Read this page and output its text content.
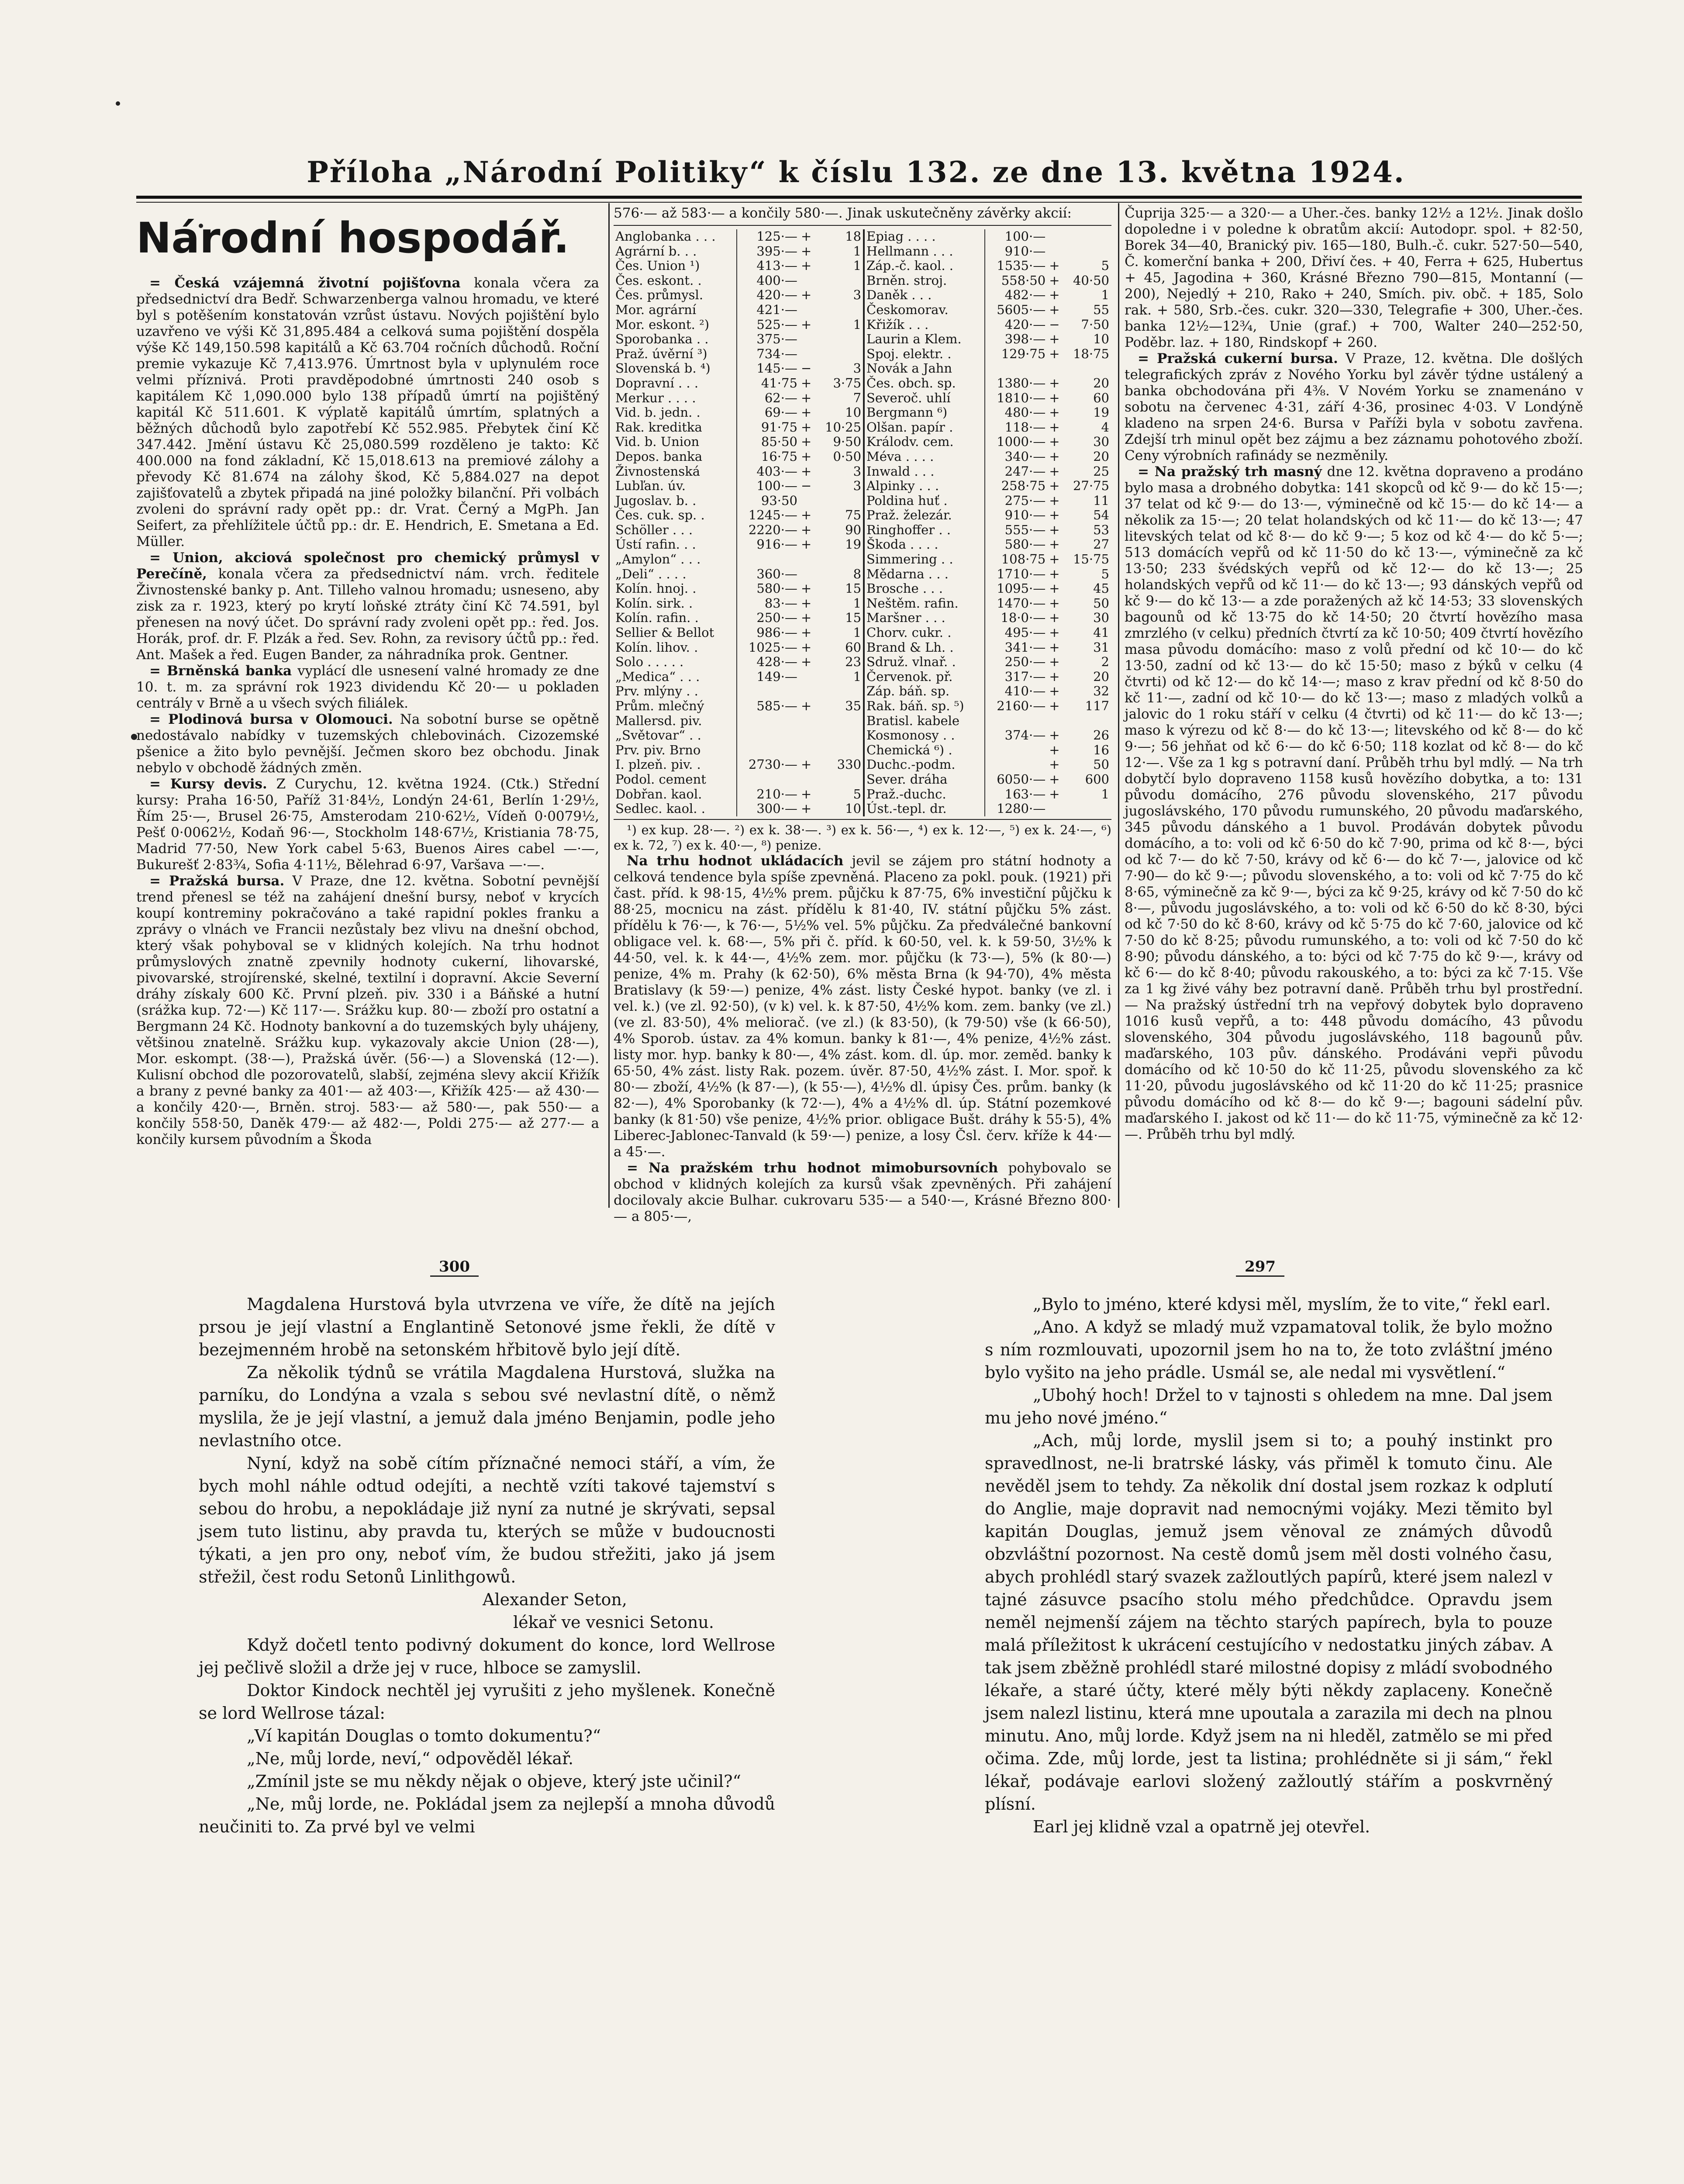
Příloha „Národní Politiky“ k číslu 132. ze dne 13. května 1924.
Národní hospodář.

= Česká vzájemná životní pojišťovna konala včera za předsednictví dra Bedř. Schwarzenberga valnou hromadu, ve které byl s potěšením konstatován vzrůst ústavu. Nových pojištění bylo uzavřeno ve výši Kč 31,895.484 a celková suma pojištění dospěla výše Kč 149,150.598 kapitálů a Kč 63.704 ročních důchodů. Roční premie vykazuje Kč 7,413.976. Úmrtnost byla v uplynulém roce velmi příznivá. Proti pravděpodobné úmrtnosti 240 osob s kapitálem Kč 1,090.000 bylo 138 případů úmrtí na pojištěný kapitál Kč 511.601. K výplatě kapitálů úmrtím, splatných a běžných důchodů bylo zapotřebí Kč 552.985. Přebytek činí Kč 347.442. Jmění ústavu Kč 25,080.599 rozděleno je takto: Kč 400.000 na fond základní, Kč 15,018.613 na premiové zálohy a převody Kč 81.674 na zálohy škod, Kč 5,884.027 na depot zajišťovatelů a zbytek připadá na jiné položky bilanční. Při volbách zvoleni do správní rady opět pp.: dr. Vrat. Černý a MgPh. Jan Seifert, za přehlížitele účtů pp.: dr. E. Hendrich, E. Smetana a Ed. Müller.

= Union, akciová společnost pro chemický průmysl v Perečíně, konala včera za předsednictví nám. vrch. ředitele Živnostenské banky p. Ant. Tilleho valnou hromadu; usneseno, aby zisk za r. 1923, který po krytí loňské ztráty činí Kč 74.591, byl přenesen na nový účet. Do správní rady zvoleni opět pp.: řed. Jos. Horák, prof. dr. F. Plzák a řed. Sev. Rohn, za revisory účtů pp.: řed. Ant. Mašek a řed. Eugen Bander, za náhradníka prok. Gentner.

= Brněnská banka vyplácí dle usnesení valné hromady ze dne 10. t. m. za správní rok 1923 dividendu Kč 20·— u pokladen centrály v Brně a u všech svých filiálek.

= Plodinová bursa v Olomouci. Na sobotní burse se opětně nedostávalo nabídky v tuzemských chlebovinách. Cizozemské pšenice a žito bylo pevnější. Ječmen skoro bez obchodu. Jinak nebylo v obchodě žádných změn.

= Kursy devis. Z Curychu, 12. května 1924. (Ctk.) Střední kursy: Praha 16·50, Paříž 31·84½, Londýn 24·61, Berlín 1·29½, Řím 25·—, Brusel 26·75, Amsterodam 210·62½, Vídeň 0·0079½, Pešť 0·0062½, Kodaň 96·—, Stockholm 148·67½, Kristiania 78·75, Madrid 77·50, New York cabel 5·63, Buenos Aires cabel —·—, Bukurešť 2·83¾, Sofia 4·11½, Bělehrad 6·97, Varšava —·—.

= Pražská bursa. V Praze, dne 12. května. Sobotní pevnější trend přenesl se též na zahájení dnešní bursy, neboť v krycích koupí kontreminy pokračováno a také rapidní pokles franku a zprávy o vlnách ve Francii nezůstaly bez vlivu na dnešní obchod, který však pohyboval se v klidných kolejích. Na trhu hodnot průmyslových znatně zpevnily hodnoty cukerní, lihovarské, pivovarské, strojírenské, skelné, textilní i dopravní. Akcie Severní dráhy získaly 600 Kč. První plzeň. piv. 330 i a Báňské a hutní (srážka kup. 72·—) Kč 117·—. Srážku kup. 80·— zboží pro ostatní a Bergmann 24 Kč. Hodnoty bankovní a do tuzemských byly uhájeny, většinou znatelně. Srážku kup. vykazovaly akcie Union (28·—), Mor. eskompt. (38·—), Pražská úvěr. (56·—) a Slovenská (12·—). Kulisní obchod dle pozorovatelů, slabší, zejména slevy akcií Křižík a brany z pevné banky za 401·— až 403·—, Křižík 425·— až 430·— a končily 420·—, Brněn. stroj. 583·— až 580·—, pak 550·— a končily 558·50, Daněk 479·— až 482·—, Poldi 275·— až 277·— a končily kursem původním a Škoda

576·— až 583·— a končily 580·—. Jinak uskutečněny závěrky akcií:

Anglobanka . . .	125·—	+	18	Epiag . . . .	100·—		
Agrární b. . .	395·—	+	1	Hellmann . . .	910·—		
Čes. Union ¹)	413·—	+	1	Záp.-č. kaol. .	1535·—	+	5
Čes. eskont. .	400·—			Brněn. stroj.	558·50	+	40·50
Čes. průmysl.	420·—	+	3	Daněk . . .	482·—	+	1
Mor. agrární	421·—			Českomorav.	5605·—	+	55
Mor. eskont. ²)	525·—	+	1	Křižík . . .	420·—	−	7·50
Sporobanka . .	375·—			Laurin a Klem.	398·—	+	10
Praž. úvěrní ³)	734·—			Spoj. elektr. .	129·75	+	18·75
Slovenská b. ⁴)	145·—	−	3	Novák a Jahn			
Dopravní . . .	41·75	+	3·75	Čes. obch. sp.	1380·—	+	20
Merkur . . . .	62·—	+	7	Severoč. uhlí	1810·—	+	60
Vid. b. jedn. .	69·—	+	10	Bergmann ⁶)	480·—	+	19
Rak. kreditka	91·75	+	10·25	Olšan. papír .	118·—	+	4
Vid. b. Union	85·50	+	9·50	Králodv. cem.	1000·—	+	30
Depos. banka	16·75	+	0·50	Méva . . . .	340·—	+	20
Živnostenská	403·—	+	3	Inwald . . .	247·—	+	25
Lubľan. úv.	100·—	−	3	Alpinky . . .	258·75	+	27·75
Jugoslav. b. .	93·50			Poldina huť .	275·—	+	11
Čes. cuk. sp. .	1245·—	+	75	Praž. železár.	910·—	+	54
Schöller . . .	2220·—	+	90	Ringhoffer . .	555·—	+	53
Ústí rafin. . .	916·—	+	19	Škoda . . . .	580·—	+	27
„Amylon“ . . .				Simmering . .	108·75	+	15·75
„Deli“ . . . .	360·—		8	Mědarna . . .	1710·—	+	5
Kolín. hnoj. .	580·—	+	15	Brosche . . .	1095·—	+	45
Kolín. sirk. .	83·—	+	1	Neštěm. rafin.	1470·—	+	50
Kolín. rafin. .	250·—	+	15	Maršner . . .	18·0·—	+	30
Sellier & Bellot	986·—	+	1	Chorv. cukr. .	495·—	+	41
Kolín. lihov. .	1025·—	+	60	Brand & Lh. .	341·—	+	31
Solo . . . . .	428·—	+	23	Sdruž. vlnař. .	250·—	+	2
„Medica“ . . .	149·—		1	Červenok. př.	317·—	+	20
Prv. mlýny . .				Záp. báň. sp.	410·—	+	32
Prům. mlečný	585·—	+	35	Rak. báň. sp. ⁵)	2160·—	+	117
Mallersd. piv.				Bratisl. kabele			
„Světovar“ . .				Kosmonosy . .	374·—	+	26
Prv. piv. Brno				Chemická ⁶) .		+	16
I. plzeň. piv. .	2730·—	+	330	Duchc.-podm.		+	50
Podol. cement				Sever. dráha	6050·—	+	600
Dobřan. kaol.	210·—	+	5	Praž.-duchc.	163·—	+	1
Sedlec. kaol. .	300·—	+	10	Úst.-tepl. dr.	1280·—		

¹) ex kup. 28·—. ²) ex k. 38·—. ³) ex k. 56·—, ⁴) ex k. 12·—, ⁵) ex k. 24·—, ⁶) ex k. 72, ⁷) ex k. 40·—, ⁸) penize.

Na trhu hodnot ukládacích jevil se zájem pro státní hodnoty a celková tendence byla spíše zpevněná. Placeno za pokl. pouk. (1921) při čast. příd. k 98·15, 4½% prem. půjčku k 87·75, 6% investiční půjčku k 88·25, mocnicu na zást. přídělu k 81·40, IV. státní půjčku 5% zást. přídělu k 76·—, k 76·—, 5½% vel. 5% půjčku. Za předválečné bankovní obligace vel. k. 68·—, 5% při č. příd. k 60·50, vel. k. k 59·50, 3½% k 44·50, vel. k. k 44·—, 4½% zem. mor. půjčku (k 73·—), 5% (k 80·—) penize, 4% m. Prahy (k 62·50), 6% města Brna (k 94·70), 4% města Bratislavy (k 59·—) penize, 4% zást. listy České hypot. banky (ve zl. i vel. k.) (ve zl. 92·50), (v k) vel. k. k 87·50, 4½% kom. zem. banky (ve zl.) (ve zl. 83·50), 4% meliorač. (ve zl.) (k 83·50), (k 79·50) vše (k 66·50), 4% Sporob. ústav. za 4% komun. banky k 81·—, 4% penize, 4½% zást. listy mor. hyp. banky k 80·—, 4% zást. kom. dl. úp. mor. zeměd. banky k 65·50, 4% zást. listy Rak. pozem. úvěr. 87·50, 4½% zást. I. Mor. spoř. k 80·— zboží, 4½% (k 87·—), (k 55·—), 4½% dl. úpisy Čes. prům. banky (k 82·—), 4% Sporobanky (k 72·—), 4% a 4½% dl. úp. Státní pozemkové banky (k 81·50) vše penize, 4½% prior. obligace Bušt. dráhy k 55·5), 4% Liberec-Jablonec-Tanvald (k 59·—) penize, a losy Čsl. červ. kříže k 44·— a 45·—.

= Na pražském trhu hodnot mimobursovních pohybovalo se obchod v klidných kolejích za kursů však zpevněných. Při zahájení docilovaly akcie Bulhar. cukrovaru 535·— a 540·—, Krásné Březno 800·— a 805·—,

Čuprija 325·— a 320·— a Uher.-čes. banky 12½ a 12½. Jinak došlo dopoledne i v poledne k obratům akcií: Autodopr. spol. + 82·50, Borek 34—40, Branický piv. 165—180, Bulh.-č. cukr. 527·50—540, Č. komerční banka + 200, Dřiví čes. + 40, Ferra + 625, Hubertus + 45, Jagodina + 360, Krásné Březno 790—815, Montanní (— 200), Nejedlý + 210, Rako + 240, Smích. piv. obč. + 185, Solo rak. + 580, Srb.-čes. cukr. 320—330, Telegrafie + 300, Uher.-čes. banka 12½—12¾, Unie (graf.) + 700, Walter 240—252·50, Poděbr. laz. + 180, Rindskopf + 260.

= Pražská cukerní bursa. V Praze, 12. května. Dle došlých telegrafických zpráv z Nového Yorku byl závěr týdne ustálený a banka obchodována při 4⅜. V Novém Yorku se znamenáno v sobotu na červenec 4·31, září 4·36, prosinec 4·03. V Londýně kladeno na srpen 24·6. Bursa v Paříži byla v sobotu zavřena. Zdejší trh minul opět bez zájmu a bez záznamu pohotového zboží. Ceny výrobních rafinády se nezměnily.

= Na pražský trh masný dne 12. května dopraveno a prodáno bylo masa a drobného dobytka: 141 skopců od kč 9·— do kč 15·—; 37 telat od kč 9·— do 13·—, výminečně od kč 15·— do kč 14·— a několik za 15·—; 20 telat holandských od kč 11·— do kč 13·—; 47 litevských telat od kč 8·— do kč 9·—; 5 koz od kč 4·— do kč 5·—; 513 domácích vepřů od kč 11·50 do kč 13·—, výminečně za kč 13·50; 233 švédských vepřů od kč 12·— do kč 13·—; 25 holandských vepřů od kč 11·— do kč 13·—; 93 dánských vepřů od kč 9·— do kč 13·— a zde poražených až kč 14·53; 33 slovenských bagounů od kč 13·75 do kč 14·50; 20 čtvrtí hovězího masa zmrzlého (v celku) předních čtvrtí za kč 10·50; 409 čtvrtí hovězího masa původu domácího: maso z volů přední od kč 10·— do kč 13·50, zadní od kč 13·— do kč 15·50; maso z býků v celku (4 čtvrti) od kč 12·— do kč 14·—; maso z krav přední od kč 8·50 do kč 11·—, zadní od kč 10·— do kč 13·—; maso z mladých volků a jalovic do 1 roku stáří v celku (4 čtvrti) od kč 11·— do kč 13·—; maso k výrezu od kč 8·— do kč 13·—; litevského od kč 8·— do kč 9·—; 56 jehňat od kč 6·— do kč 6·50; 118 kozlat od kč 8·— do kč 12·—. Vše za 1 kg s potravní daní. Průběh trhu byl mdlý. — Na trh dobytčí bylo dopraveno 1158 kusů hovězího dobytka, a to: 131 původu domácího, 276 původu slovenského, 217 původu jugoslávského, 170 původu rumunského, 20 původu maďarského, 345 původu dánského a 1 buvol. Prodáván dobytek původu domácího, a to: voli od kč 6·50 do kč 7·90, prima od kč 8·—, býci od kč 7·— do kč 7·50, krávy od kč 6·— do kč 7·—, jalovice od kč 7·90— do kč 9·—; původu slovenského, a to: voli od kč 7·75 do kč 8·65, výminečně za kč 9·—, býci za kč 9·25, krávy od kč 7·50 do kč 8·—, původu jugoslávského, a to: voli od kč 6·50 do kč 8·30, býci od kč 7·50 do kč 8·60, krávy od kč 5·75 do kč 7·60, jalovice od kč 7·50 do kč 8·25; původu rumunského, a to: voli od kč 7·50 do kč 8·90; původu dánského, a to: býci od kč 7·75 do kč 9·—, krávy od kč 6·— do kč 8·40; původu rakouského, a to: býci za kč 7·15. Vše za 1 kg živé váhy bez potravní daně. Průběh trhu byl prostřední. — Na pražský ústřední trh na vepřový dobytek bylo dopraveno 1016 kusů vepřů, a to: 448 původu domácího, 43 původu slovenského, 304 původu jugoslávského, 118 bagounů pův. maďarského, 103 pův. dánského. Prodáváni vepři původu domácího od kč 10·50 do kč 11·25, původu slovenského za kč 11·20, původu jugoslávského od kč 11·20 do kč 11·25; prasnice původu domácího od kč 8·— do kč 9·—; bagouni sádelní pův. maďarského I. jakost od kč 11·— do kč 11·75, výminečně za kč 12·—. Průběh trhu byl mdlý.

300	297

Magdalena Hurstová byla utvrzena ve víře, že dítě na jejích prsou je její vlastní a Englantině Setonové jsme řekli, že dítě v bezejmenném hrobě na setonském hřbitově bylo její dítě.

Za několik týdnů se vrátila Magdalena Hurstová, služka na parníku, do Londýna a vzala s sebou své nevlastní dítě, o němž myslila, že je její vlastní, a jemuž dala jméno Benjamin, podle jeho nevlastního otce.

Nyní, když na sobě cítím příznačné nemoci stáří, a vím, že bych mohl náhle odtud odejíti, a nechtě vzíti takové tajemství s sebou do hrobu, a nepokládaje již nyní za nutné je skrývati, sepsal jsem tuto listinu, aby pravda tu, kterých se může v budoucnosti týkati, a jen pro ony, neboť vím, že budou střežiti, jako já jsem střežil, čest rodu Setonů Linlithgowů.

Alexander Seton,

lékař ve vesnici Setonu.

Když dočetl tento podivný dokument do konce, lord Wellrose jej pečlivě složil a drže jej v ruce, hlboce se zamyslil.

Doktor Kindock nechtěl jej vyrušiti z jeho myšlenek. Konečně se lord Wellrose tázal:

„Ví kapitán Douglas o tomto dokumentu?“

„Ne, můj lorde, neví,“ odpověděl lékař.

„Zmínil jste se mu někdy nějak o objeve, který jste učinil?“

„Ne, můj lorde, ne. Pokládal jsem za nejlepší a mnoha důvodů neučiniti to. Za prvé byl ve velmi

„Bylo to jméno, které kdysi měl, myslím, že to vite,“ řekl earl.

„Ano. A když se mladý muž vzpamatoval tolik, že bylo možno s ním rozmlouvati, upozornil jsem ho na to, že toto zvláštní jméno bylo vyšito na jeho prádle. Usmál se, ale nedal mi vysvětlení.“

„Ubohý hoch! Držel to v tajnosti s ohledem na mne. Dal jsem mu jeho nové jméno.“

„Ach, můj lorde, myslil jsem si to; a pouhý instinkt pro spravedlnost, ne-li bratrské lásky, vás přiměl k tomuto činu. Ale nevěděl jsem to tehdy. Za několik dní dostal jsem rozkaz k odplutí do Anglie, maje dopravit nad nemocnými vojáky. Mezi těmito byl kapitán Douglas, jemuž jsem věnoval ze známých důvodů obzvláštní pozornost. Na cestě domů jsem měl dosti volného času, abych prohlédl starý svazek zažloutlých papírů, které jsem nalezl v tajné zásuvce psacího stolu mého předchůdce. Opravdu jsem neměl nejmenší zájem na těchto starých papírech, byla to pouze malá příležitost k ukrácení cestujícího v nedostatku jiných zábav. A tak jsem zběžně prohlédl staré milostné dopisy z mládí svobodného lékaře, a staré účty, které měly býti někdy zaplaceny. Konečně jsem nalezl listinu, která mne upoutala a zarazila mi dech na plnou minutu. Ano, můj lorde. Když jsem na ni hleděl, zatmělo se mi před očima. Zde, můj lorde, jest ta listina; prohlédněte si ji sám,“ řekl lékař, podávaje earlovi složený zažloutlý stářím a poskvrněný plísní.

Earl jej klidně vzal a opatrně jej otevřel.
